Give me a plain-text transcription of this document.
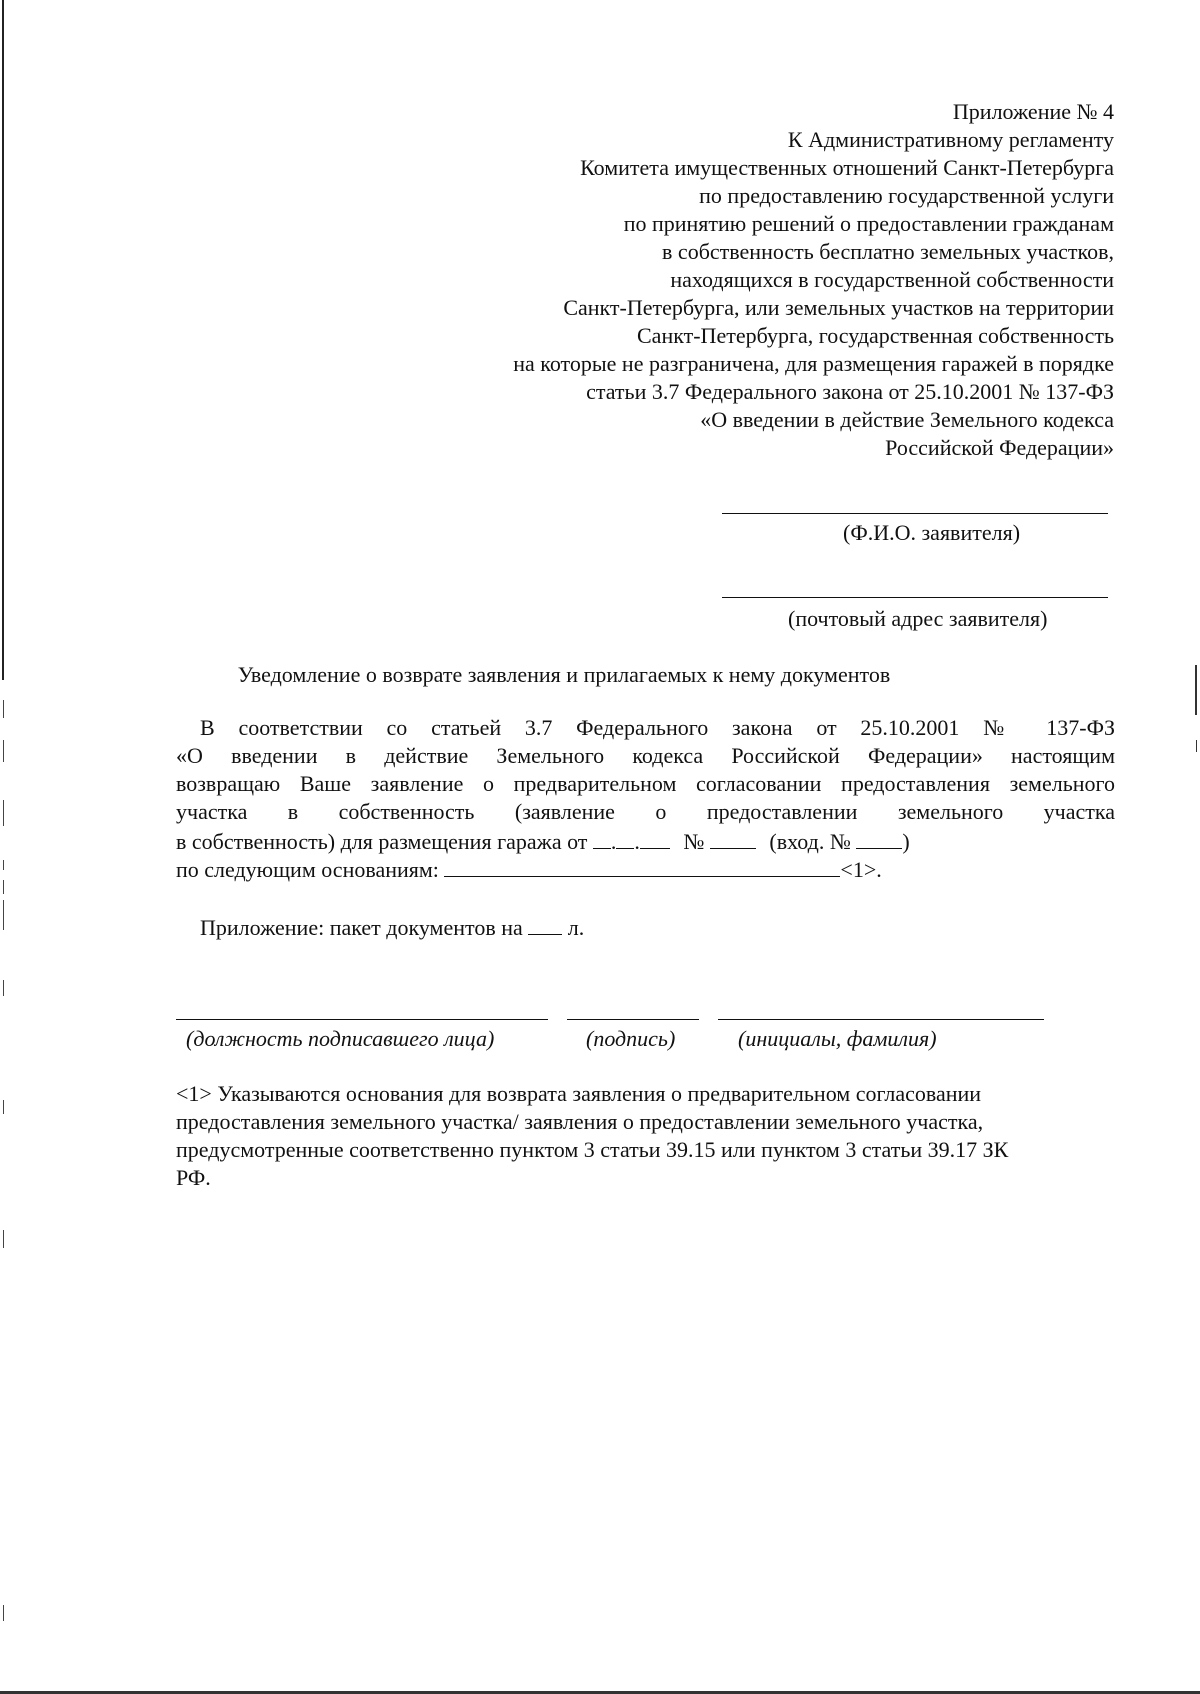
Приложение № 4
К Административному регламенту
Комитета имущественных отношений Санкт-Петербурга
по предоставлению государственной услуги
по принятию решений о предоставлении гражданам
в собственность бесплатно земельных участков,
находящихся в государственной собственности
Санкт-Петербурга, или земельных участков на территории
Санкт-Петербурга, государственная собственность
на которые не разграничена, для размещения гаражей в порядке
статьи 3.7 Федерального закона от 25.10.2001 № 137-ФЗ
«О введении в действие Земельного кодекса
Российской Федерации»
(Ф.И.О. заявителя)
(почтовый адрес заявителя)
Уведомление о возврате заявления и прилагаемых к нему документов
В соответствии со статьей 3.7 Федерального закона от 25.10.2001 № 137-ФЗ
«О введении в действие Земельного кодекса Российской Федерации» настоящим
возвращаю Ваше заявление о предварительном согласовании предоставления земельного
участка в собственность (заявление о предоставлении земельного участка
в собственность) для размещения гаража от . . №	(вход. № )
по следующим основаниям:	<1>.
Приложение: пакет документов на л.
(должность подписавшего лица)	(подпись)	(инициалы, фамилия)
<1> Указываются основания для возврата заявления о предварительном согласовании
предоставления земельного участка/ заявления о предоставлении земельного участка,
предусмотренные соответственно пунктом 3 статьи 39.15 или пунктом 3 статьи 39.17 ЗК
РФ.
